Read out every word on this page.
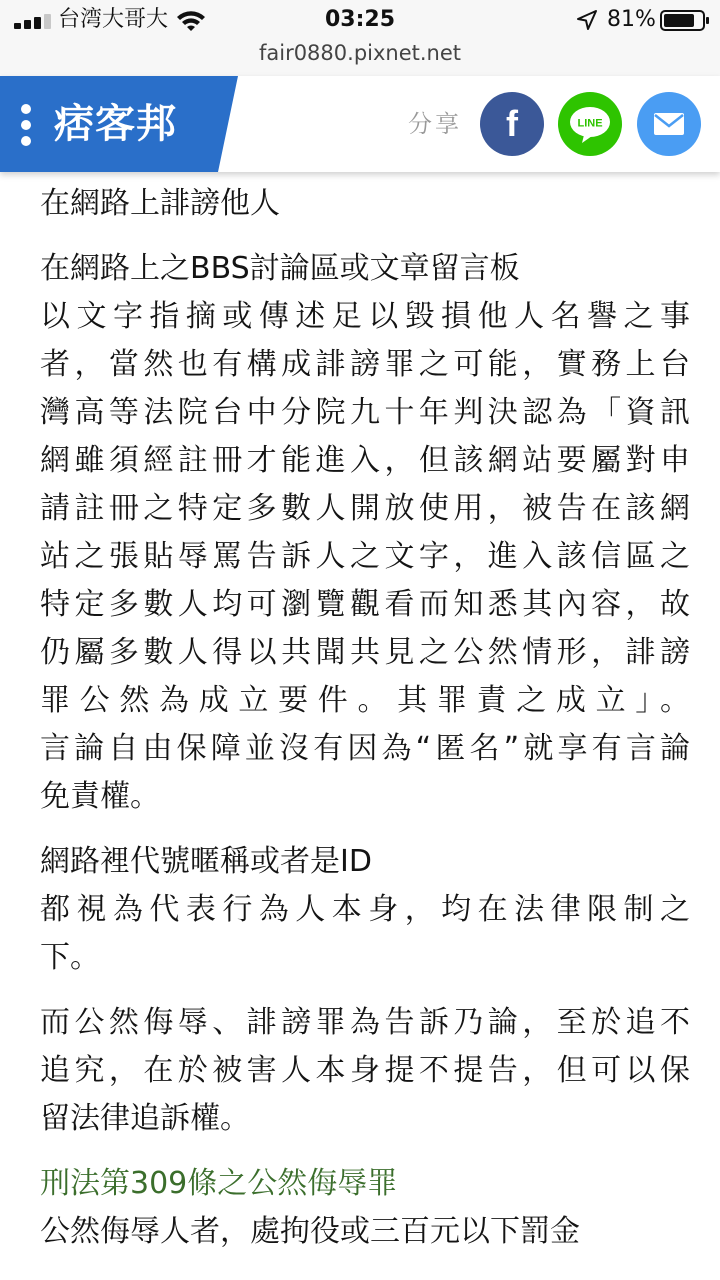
台湾大哥大	03:25	81%
fair0880.pixnet.net
痞客邦	分享	f	LINE

在網路上誹謗他人

在網路上之BBS討論區或文章留言板
以文字指摘或傳述足以毀損他人名譽之事
者，當然也有構成誹謗罪之可能，實務上台
灣高等法院台中分院九十年判決認為「資訊
網雖須經註冊才能進入，但該網站要屬對申
請註冊之特定多數人開放使用，被告在該網
站之張貼辱罵告訴人之文字，進入該信區之
特定多數人均可瀏覽觀看而知悉其內容，故
仍屬多數人得以共聞共見之公然情形，誹謗
罪公然為成立要件。其罪責之成立」。
言論自由保障並沒有因為“匿名”就享有言論
免責權。

網路裡代號暱稱或者是ID
都視為代表行為人本身，均在法律限制之
下。

而公然侮辱、誹謗罪為告訴乃論，至於追不
追究，在於被害人本身提不提告，但可以保
留法律追訴權。

刑法第309條之公然侮辱罪

公然侮辱人者，處拘役或三百元以下罰金
